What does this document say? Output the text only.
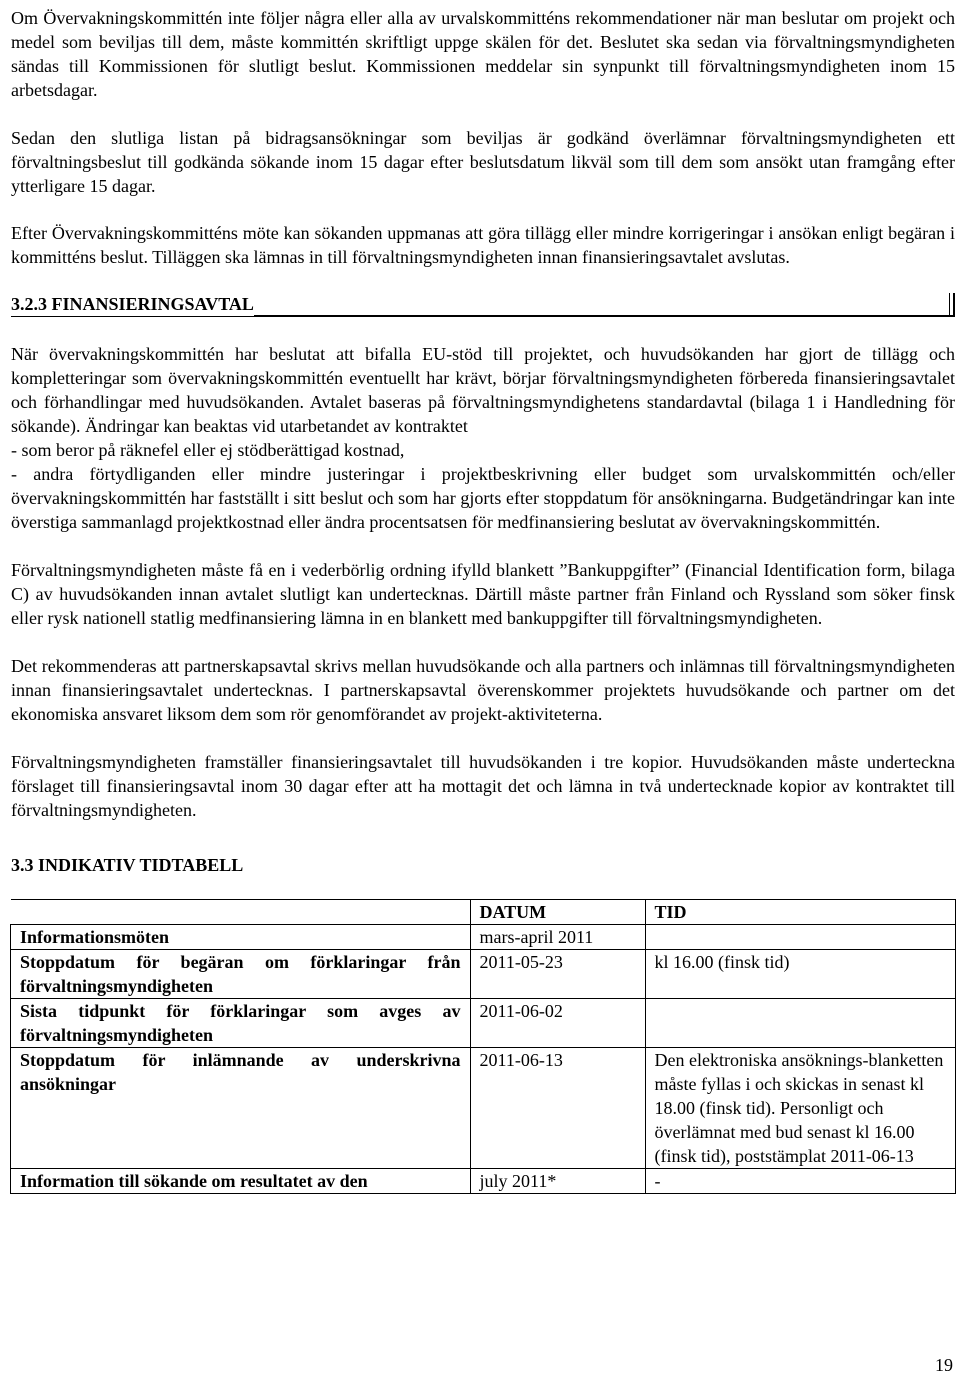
Om Övervakningskommittén inte följer några eller alla av urvalskommitténs rekommendationer när man beslutar om projekt och medel som beviljas till dem, måste kommittén skriftligt uppge skälen för det. Beslutet ska sedan via förvaltningsmyndigheten sändas till Kommissionen för slutligt beslut. Kommissionen meddelar sin synpunkt till förvaltningsmyndigheten inom 15 arbetsdagar.

Sedan den slutliga listan på bidragsansökningar som beviljas är godkänd överlämnar förvaltningsmyndigheten ett förvaltningsbeslut till godkända sökande inom 15 dagar efter beslutsdatum likväl som till dem som ansökt utan framgång efter ytterligare 15 dagar.

Efter Övervakningskommitténs möte kan sökanden uppmanas att göra tillägg eller mindre korrigeringar i ansökan enligt begäran i kommitténs beslut. Tilläggen ska lämnas in till förvaltningsmyndigheten innan finansieringsavtalet avslutas.

3.2.3 FINANSIERINGSAVTAL

När övervakningskommittén har beslutat att bifalla EU-stöd till projektet, och huvudsökanden har gjort de tillägg och kompletteringar som övervakningskommittén eventuellt har krävt, börjar förvaltningsmyndigheten förbereda finansieringsavtalet och förhandlingar med huvudsökanden. Avtalet baseras på förvaltningsmyndighetens standardavtal (bilaga 1 i Handledning för sökande). Ändringar kan beaktas vid utarbetandet av kontraktet

- som beror på räknefel eller ej stödberättigad kostnad,

- andra förtydliganden eller mindre justeringar i projektbeskrivning eller budget som urvalskommittén och/eller övervakningskommittén har fastställt i sitt beslut och som har gjorts efter stoppdatum för ansökningarna. Budgetändringar kan inte överstiga sammanlagd projektkostnad eller ändra procentsatsen för medfinansiering beslutat av övervakningskommittén.

Förvaltningsmyndigheten måste få en i vederbörlig ordning ifylld blankett ”Bankuppgifter” (Financial Identification form, bilaga C) av huvudsökanden innan avtalet slutligt kan undertecknas. Därtill måste partner från Finland och Ryssland som söker finsk eller rysk nationell statlig medfinansiering lämna in en blankett med bankuppgifter till förvaltningsmyndigheten.

Det rekommenderas att partnerskapsavtal skrivs mellan huvudsökande och alla partners och inlämnas till förvaltningsmyndigheten innan finansieringsavtalet undertecknas. I partnerskapsavtal överenskommer projektets huvudsökande och partner om det ekonomiska ansvaret liksom dem som rör genomförandet av projekt-aktiviteterna.

Förvaltningsmyndigheten framställer finansieringsavtalet till huvudsökanden i tre kopior. Huvudsökanden måste underteckna förslaget till finansieringsavtal inom 30 dagar efter att ha mottagit det och lämna in två undertecknade kopior av kontraktet till förvaltningsmyndigheten.

3.3 INDIKATIV TIDTABELL
	DATUM	TID
Informationsmöten	mars-april 2011	
Stoppdatum för begäran om förklaringar från förvaltningsmyndigheten	2011-05-23	kl 16.00 (finsk tid)
Sista tidpunkt för förklaringar som avges av förvaltningsmyndigheten	2011-06-02	
Stoppdatum för inlämnande av underskrivna ansökningar	2011-06-13	Den elektroniska ansöknings-blanketten måste fyllas i och skickas in senast kl 18.00 (finsk tid). Personligt och överlämnat med bud senast kl 16.00 (finsk tid), poststämplat 2011-06-13
Information till sökande om resultatet av den	july 2011*	-
19
